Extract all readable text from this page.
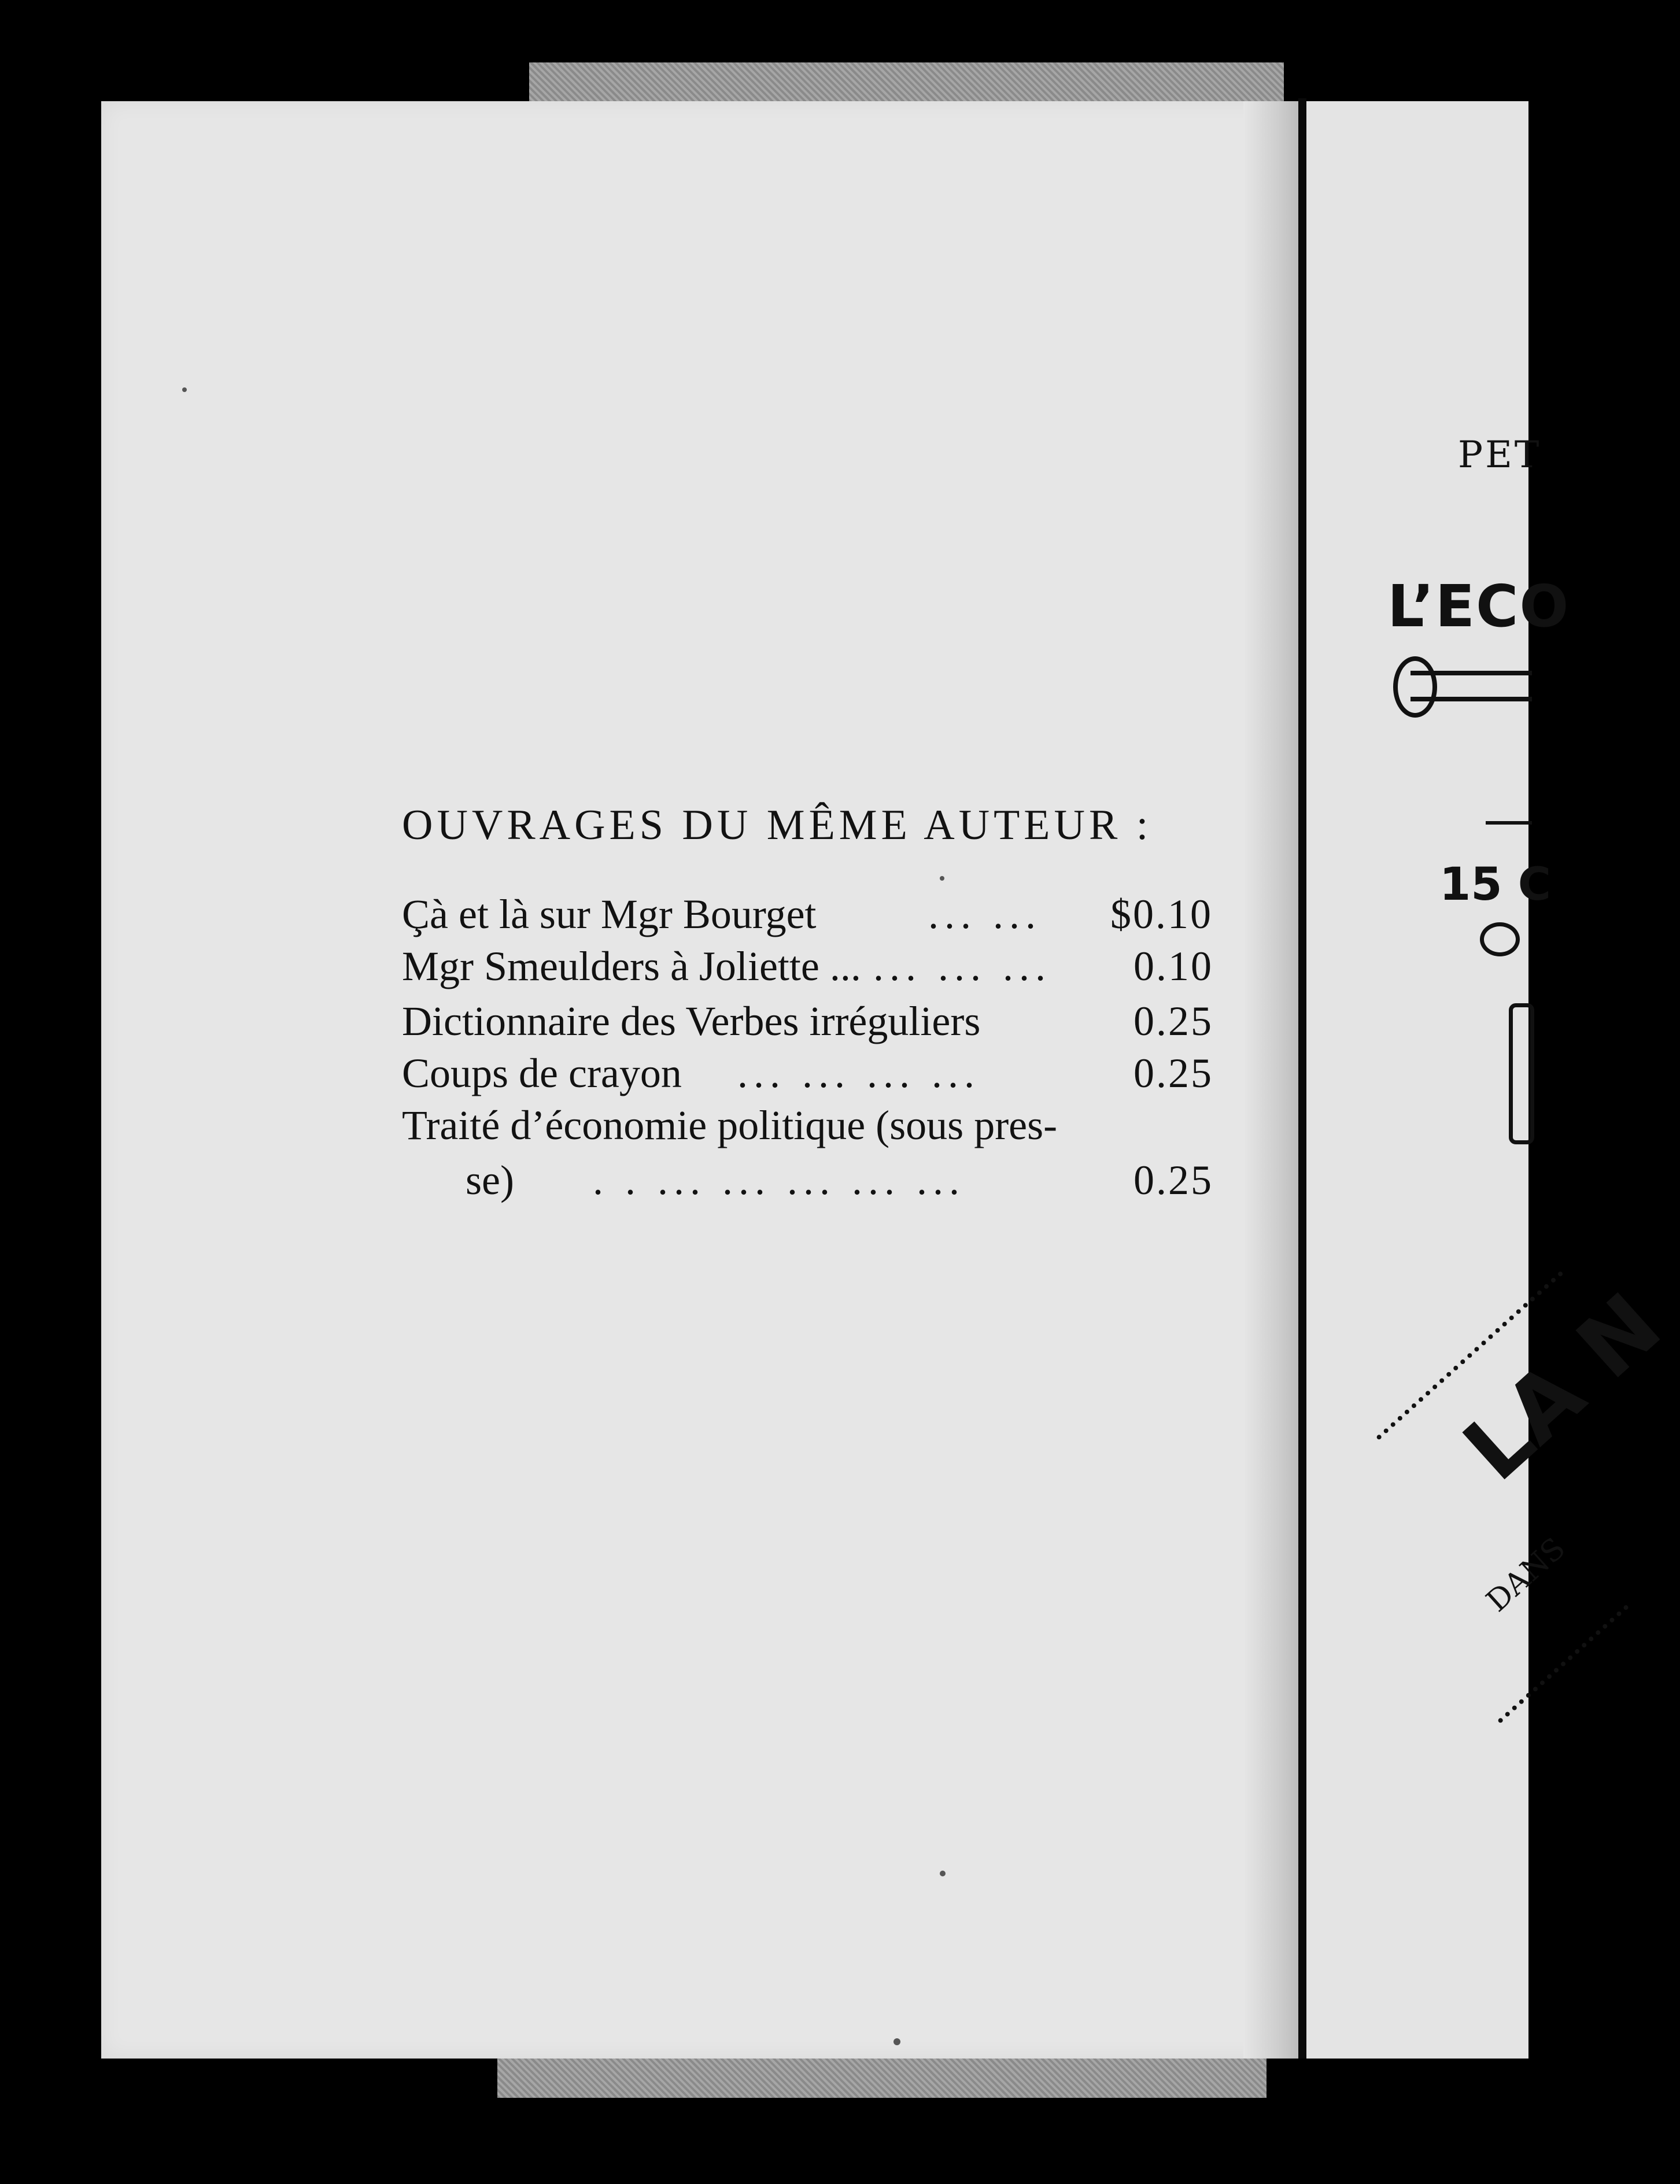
PET
L’ECO
15 C
LA N
DANS
OUVRAGES DU MÊME AUTEUR :
Çà et là sur Mgr Bourget	... ... $0.10
Mgr Smeulders à Joliette ... ... ... ... 0.10
Dictionnaire des Verbes irréguliers	0.25
Coups de crayon ... ... ... ...	0.25
Traité d’économie politique (sous pres-
se) . . ... ... ... ... ...	0.25
